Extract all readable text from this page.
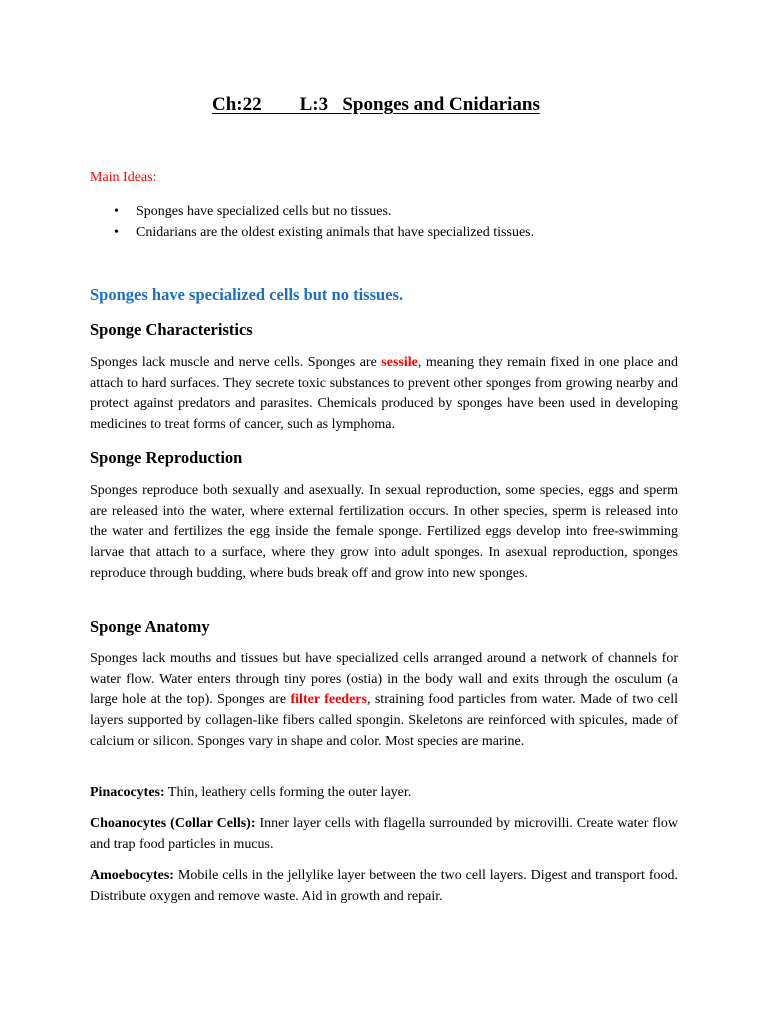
Ch:22        L:3   Sponges and Cnidarians

Main Ideas:

• Sponges have specialized cells but no tissues.
• Cnidarians are the oldest existing animals that have specialized tissues.
Sponges have specialized cells but no tissues.
Sponge Characteristics

Sponges lack muscle and nerve cells. Sponges are sessile, meaning they remain fixed in one place and attach to hard surfaces. They secrete toxic substances to prevent other sponges from growing nearby and protect against predators and parasites. Chemicals produced by sponges have been used in developing medicines to treat forms of cancer, such as lymphoma.

Sponge Reproduction

Sponges reproduce both sexually and asexually. In sexual reproduction, some species, eggs and sperm are released into the water, where external fertilization occurs. In other species, sperm is released into the water and fertilizes the egg inside the female sponge. Fertilized eggs develop into free-swimming larvae that attach to a surface, where they grow into adult sponges. In asexual reproduction, sponges reproduce through budding, where buds break off and grow into new sponges.

Sponge Anatomy

Sponges lack mouths and tissues but have specialized cells arranged around a network of channels for water flow. Water enters through tiny pores (ostia) in the body wall and exits through the osculum (a large hole at the top). Sponges are filter feeders, straining food particles from water. Made of two cell layers supported by collagen-like fibers called spongin. Skeletons are reinforced with spicules, made of calcium or silicon. Sponges vary in shape and color. Most species are marine.

Pinacocytes: Thin, leathery cells forming the outer layer.

Choanocytes (Collar Cells): Inner layer cells with flagella surrounded by microvilli. Create water flow and trap food particles in mucus.

Amoebocytes: Mobile cells in the jellylike layer between the two cell layers. Digest and transport food. Distribute oxygen and remove waste. Aid in growth and repair.
